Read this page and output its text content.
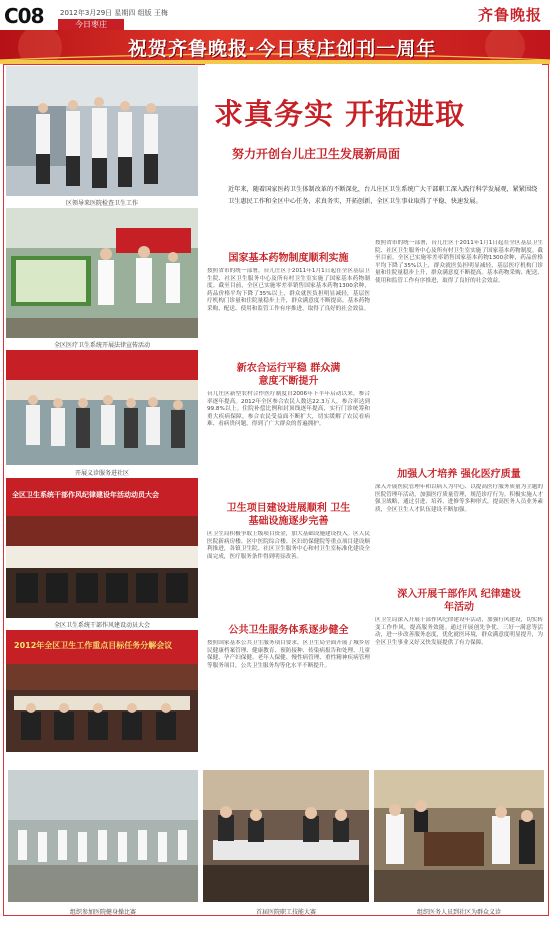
C08 2012年3月29日 星期四 组版 王梅
今日枣庄
齐鲁晚报
祝贺齐鲁晚报·今日枣庄创刊一周年
区领导来医院检查卫生工作
全区医疗卫生系统开展法律宣传活动
开展义诊服务进社区
全区卫生系统干部作风纪律建设年活动动员大会
全区卫生系统干部作风建设动员大会
2012年全区卫生工作重点目标任务分解会议
求真务实 开拓进取
努力开创台儿庄卫生发展新局面
近年来，随着国家医药卫生体制改革的不断深化，台儿庄区卫生系统广大干部职工深入践行科学发展观，紧紧围绕卫生惠民工作和全区中心任务，求真务实，开拓创新，全区卫生事业取得了平稳、快速发展。

国家基本药物制度顺利实施

按照省市的统一部署，台儿庄区于2011年1月1日起在全区基层卫生院、社区卫生服务中心及所有村卫生室实施了国家基本药物制度。截至目前，全区已实施零差率销售国家基本药物1300余种，药品价格平均下降了35%以上，群众就医负担明显减轻，基层医疗机构门诊量和住院量稳步上升，群众满意度不断提高。基本药物采购、配送、使用和监管工作有序推进，取得了良好的社会效益。

新农合运行平稳 群众满意度不断提升

台儿庄区新型农村合作医疗制度自2006年下半年启动以来，参合率逐年提高。2012年全区参合农民人数达22.3万人，参合率达到99.8%以上。住院补偿比例和封顶线逐年提高，实行门诊统筹和重大疾病保障，参合农民受益面不断扩大，切实缓解了农民看病难、看病贵问题，得到了广大群众的普遍拥护。

卫生项目建设进展顺利 卫生基础设施逐步完善

区卫生局积极争取上级项目资金，加大基础设施建设投入。区人民医院新病房楼、区中医院综合楼、区妇幼保健院等重点项目建设顺利推进，各镇卫生院、社区卫生服务中心和村卫生室标准化建设全面完成，医疗服务条件得到明显改善。

公共卫生服务体系逐步健全

按照国家基本公共卫生服务项目要求，区卫生局全面开展了城乡居民健康档案管理、健康教育、预防接种、传染病报告和处理、儿童保健、孕产妇保健、老年人保健、慢性病管理、重性精神疾病管理等服务项目，公共卫生服务均等化水平不断提升。

按照省市的统一部署，台儿庄区于2011年1月1日起在全区基层卫生院、社区卫生服务中心及所有村卫生室实施了国家基本药物制度。截至目前，全区已实施零差率销售国家基本药物1300余种，药品价格平均下降了35%以上，群众就医负担明显减轻，基层医疗机构门诊量和住院量稳步上升，群众满意度不断提高。基本药物采购、配送、使用和监管工作有序推进，取得了良好的社会效益。

加强人才培养 强化医疗质量

深入开展医院管理年和以病人为中心、以提高医疗服务质量为主题的医院管理年活动，加强医疗质量管理，规范诊疗行为。积极实施人才强卫战略，通过引进、培养、进修等多种形式，提高医务人员业务素质，全区卫生人才队伍建设不断加强。

深入开展千部作风 纪律建设年活动

区卫生局深入开展干部作风纪律建设年活动，加强行风建设，切实转变工作作风，提高服务效能。通过开展创先争优、三好一满意等活动，进一步改善服务态度，优化就医环境，群众满意度明显提升，为全区卫生事业又好又快发展提供了有力保障。

组织参加医院健身操比赛	首届医院职工技能大赛	组织医务人员到社区为群众义诊
